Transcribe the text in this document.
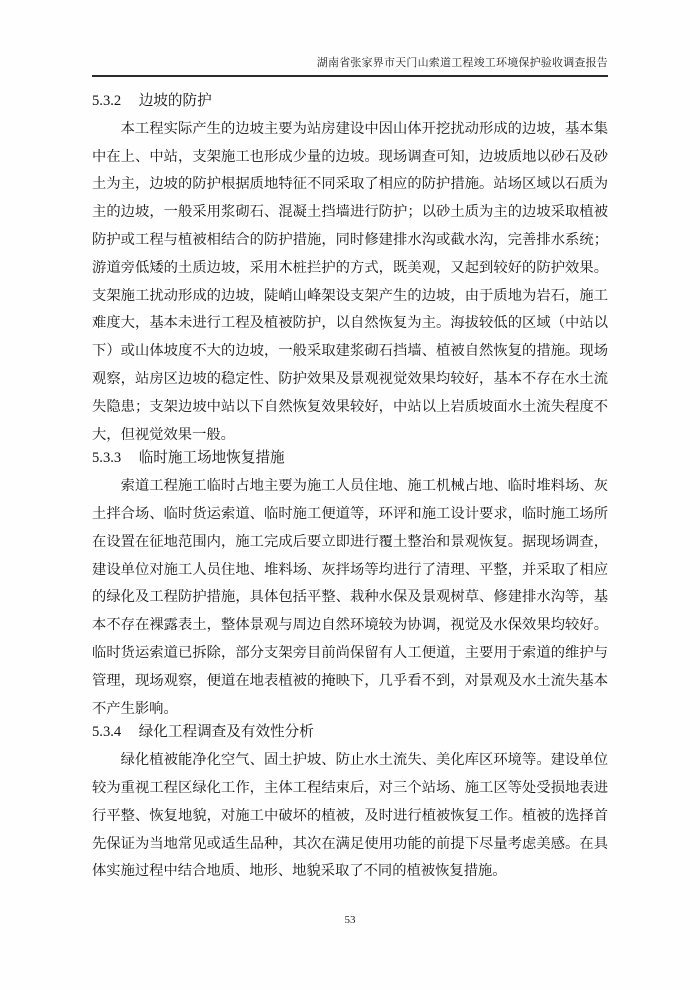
湖南省张家界市天门山索道工程竣工环境保护验收调查报告
5.3.2 边坡的防护

本工程实际产生的边坡主要为站房建设中因山体开挖扰动形成的边坡，基本集中在上、中站，支架施工也形成少量的边坡。现场调查可知，边坡质地以砂石及砂土为主，边坡的防护根据质地特征不同采取了相应的防护措施。站场区域以石质为主的边坡，一般采用浆砌石、混凝土挡墙进行防护；以砂土质为主的边坡采取植被防护或工程与植被相结合的防护措施，同时修建排水沟或截水沟，完善排水系统；游道旁低矮的土质边坡，采用木桩拦护的方式，既美观，又起到较好的防护效果。支架施工扰动形成的边坡，陡峭山峰架设支架产生的边坡，由于质地为岩石，施工难度大，基本未进行工程及植被防护，以自然恢复为主。海拔较低的区域（中站以下）或山体坡度不大的边坡，一般采取建浆砌石挡墙、植被自然恢复的措施。现场观察，站房区边坡的稳定性、防护效果及景观视觉效果均较好，基本不存在水土流失隐患；支架边坡中站以下自然恢复效果较好，中站以上岩质坡面水土流失程度不大，但视觉效果一般。

5.3.3 临时施工场地恢复措施

索道工程施工临时占地主要为施工人员住地、施工机械占地、临时堆料场、灰土拌合场、临时货运索道、临时施工便道等，环评和施工设计要求，临时施工场所在设置在征地范围内，施工完成后要立即进行覆土整治和景观恢复。据现场调查，建设单位对施工人员住地、堆料场、灰拌场等均进行了清理、平整，并采取了相应的绿化及工程防护措施，具体包括平整、栽种水保及景观树草、修建排水沟等，基本不存在裸露表土，整体景观与周边自然环境较为协调，视觉及水保效果均较好。临时货运索道已拆除，部分支架旁目前尚保留有人工便道，主要用于索道的维护与管理，现场观察，便道在地表植被的掩映下，几乎看不到，对景观及水土流失基本不产生影响。

5.3.4 绿化工程调查及有效性分析

绿化植被能净化空气、固土护坡、防止水土流失、美化库区环境等。建设单位较为重视工程区绿化工作，主体工程结束后，对三个站场、施工区等处受损地表进行平整、恢复地貌，对施工中破坏的植被，及时进行植被恢复工作。植被的选择首先保证为当地常见或适生品种，其次在满足使用功能的前提下尽量考虑美感。在具体实施过程中结合地质、地形、地貌采取了不同的植被恢复措施。

53
